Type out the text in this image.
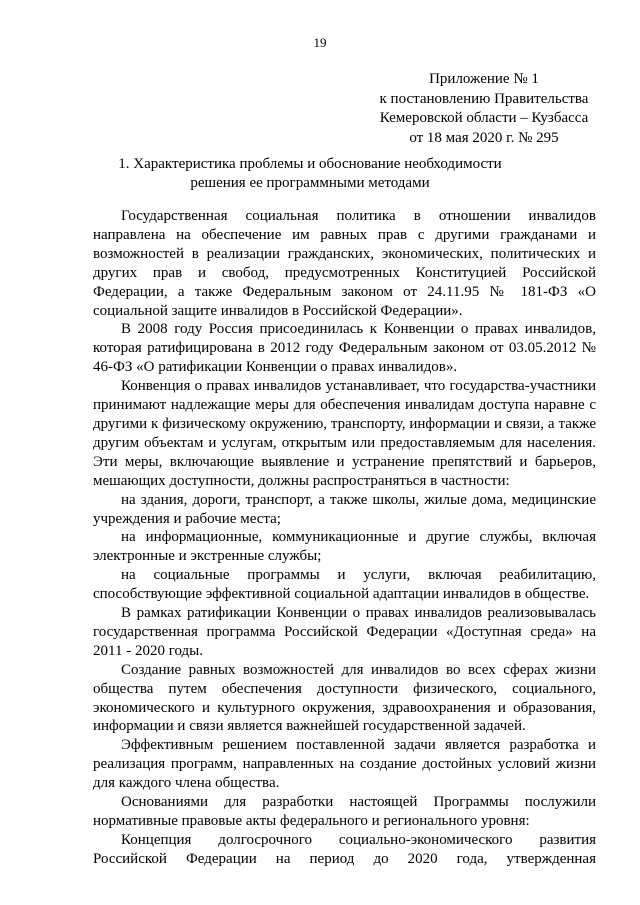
19
Приложение № 1
к постановлению Правительства
Кемеровской области – Кузбасса
от 18 мая 2020 г. № 295
1. Характеристика проблемы и обоснование необходимости
решения ее программными методами

Государственная социальная политика в отношении инвалидов направлена на обеспечение им равных прав с другими гражданами и возможностей в реализации гражданских, экономических, политических и других прав и свобод, предусмотренных Конституцией Российской Федерации, а также Федеральным законом от 24.11.95 № 181-ФЗ «О социальной защите инвалидов в Российской Федерации».

В 2008 году Россия присоединилась к Конвенции о правах инвалидов, которая ратифицирована в 2012 году Федеральным законом от 03.05.2012 № 46-ФЗ «О ратификации Конвенции о правах инвалидов».

Конвенция о правах инвалидов устанавливает, что государства-участники принимают надлежащие меры для обеспечения инвалидам доступа наравне с другими к физическому окружению, транспорту, информации и связи, а также другим объектам и услугам, открытым или предоставляемым для населения. Эти меры, включающие выявление и устранение препятствий и барьеров, мешающих доступности, должны распространяться в частности:

на здания, дороги, транспорт, а также школы, жилые дома, медицинские учреждения и рабочие места;

на информационные, коммуникационные и другие службы, включая электронные и экстренные службы;

на социальные программы и услуги, включая реабилитацию, способствующие эффективной социальной адаптации инвалидов в обществе.

В рамках ратификации Конвенции о правах инвалидов реализовывалась государственная программа Российской Федерации «Доступная среда» на 2011 - 2020 годы.

Создание равных возможностей для инвалидов во всех сферах жизни общества путем обеспечения доступности физического, социального, экономического и культурного окружения, здравоохранения и образования, информации и связи является важнейшей государственной задачей.

Эффективным решением поставленной задачи является разработка и реализация программ, направленных на создание достойных условий жизни для каждого члена общества.

Основаниями для разработки настоящей Программы послужили нормативные правовые акты федерального и регионального уровня:

Концепция долгосрочного социально-экономического развития Российской Федерации на период до 2020 года, утвержденная
